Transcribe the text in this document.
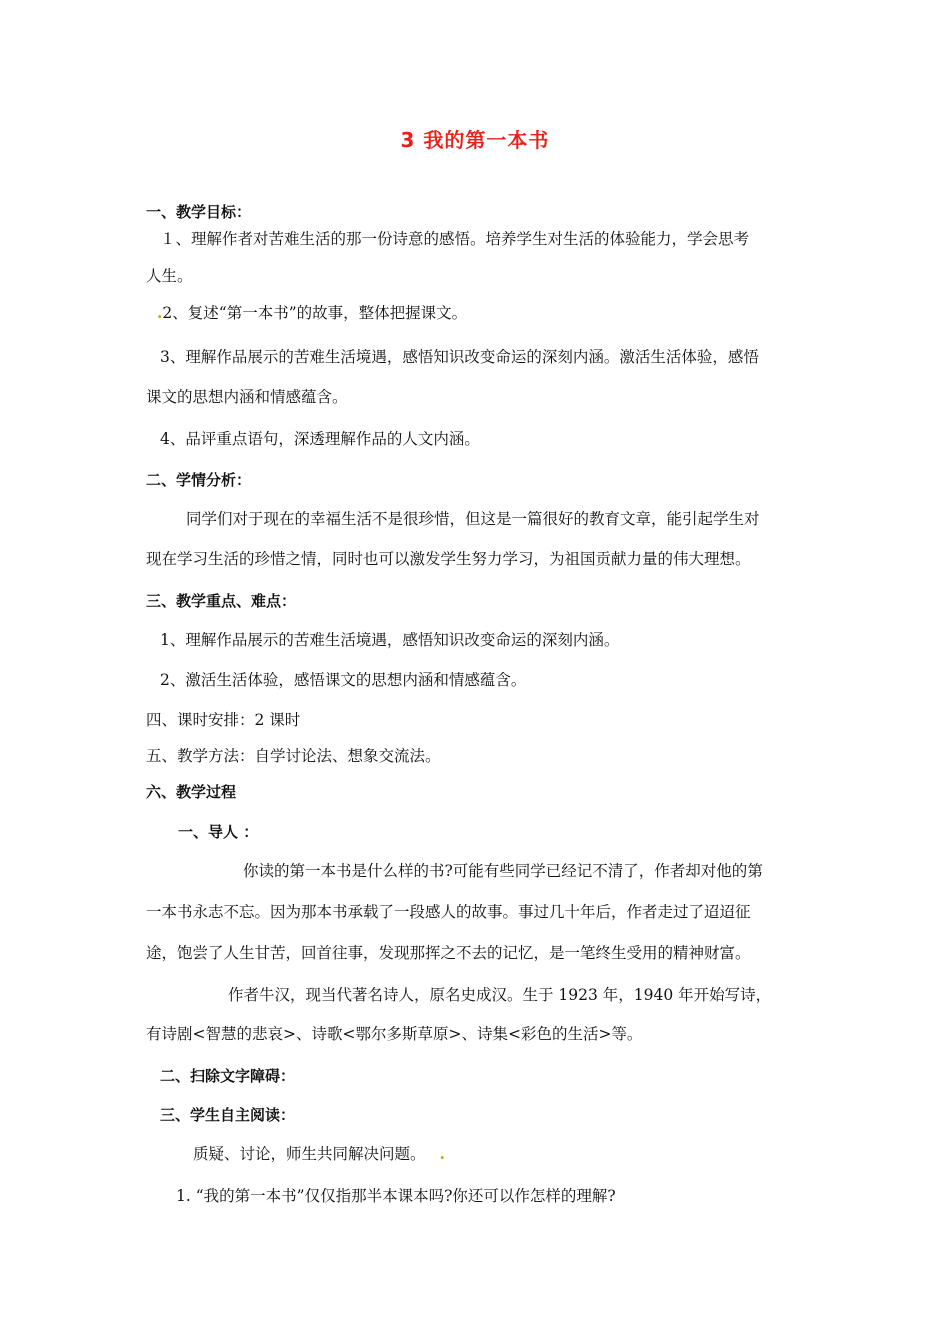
3 我的第一本书
一、教学目标：
１、理解作者对苦难生活的那一份诗意的感悟。培养学生对生活的体验能力，学会思考
人生。
.2、复述“第一本书”的故事，整体把握课文。
3、理解作品展示的苦难生活境遇，感悟知识改变命运的深刻内涵。激活生活体验，感悟
课文的思想内涵和情感蕴含。
4、品评重点语句，深透理解作品的人文内涵。
二、学情分析：
同学们对于现在的幸福生活不是很珍惜，但这是一篇很好的教育文章，能引起学生对
现在学习生活的珍惜之情，同时也可以激发学生努力学习，为祖国贡献力量的伟大理想。
三、教学重点、难点：
1、理解作品展示的苦难生活境遇，感悟知识改变命运的深刻内涵。
2、激活生活体验，感悟课文的思想内涵和情感蕴含。
四、课时安排：2 课时
五、教学方法：自学讨论法、想象交流法。
六、教学过程
一、导人 ：
你读的第一本书是什么样的书?可能有些同学已经记不清了，作者却对他的第
一本书永志不忘。因为那本书承载了一段感人的故事。事过几十年后，作者走过了迢迢征
途，饱尝了人生甘苦，回首往事，发现那挥之不去的记忆，是一笔终生受用的精神财富。
作者牛汉，现当代著名诗人，原名史成汉。生于 1923 年，1940 年开始写诗，
有诗剧<智慧的悲哀>、诗歌<鄂尔多斯草原>、诗集<彩色的生活>等。
二、扫除文字障碍：
三、学生自主阅读：
质疑、讨论，师生共同解决问题。 .
1. “我的第一本书”仅仅指那半本课本吗?你还可以作怎样的理解?
